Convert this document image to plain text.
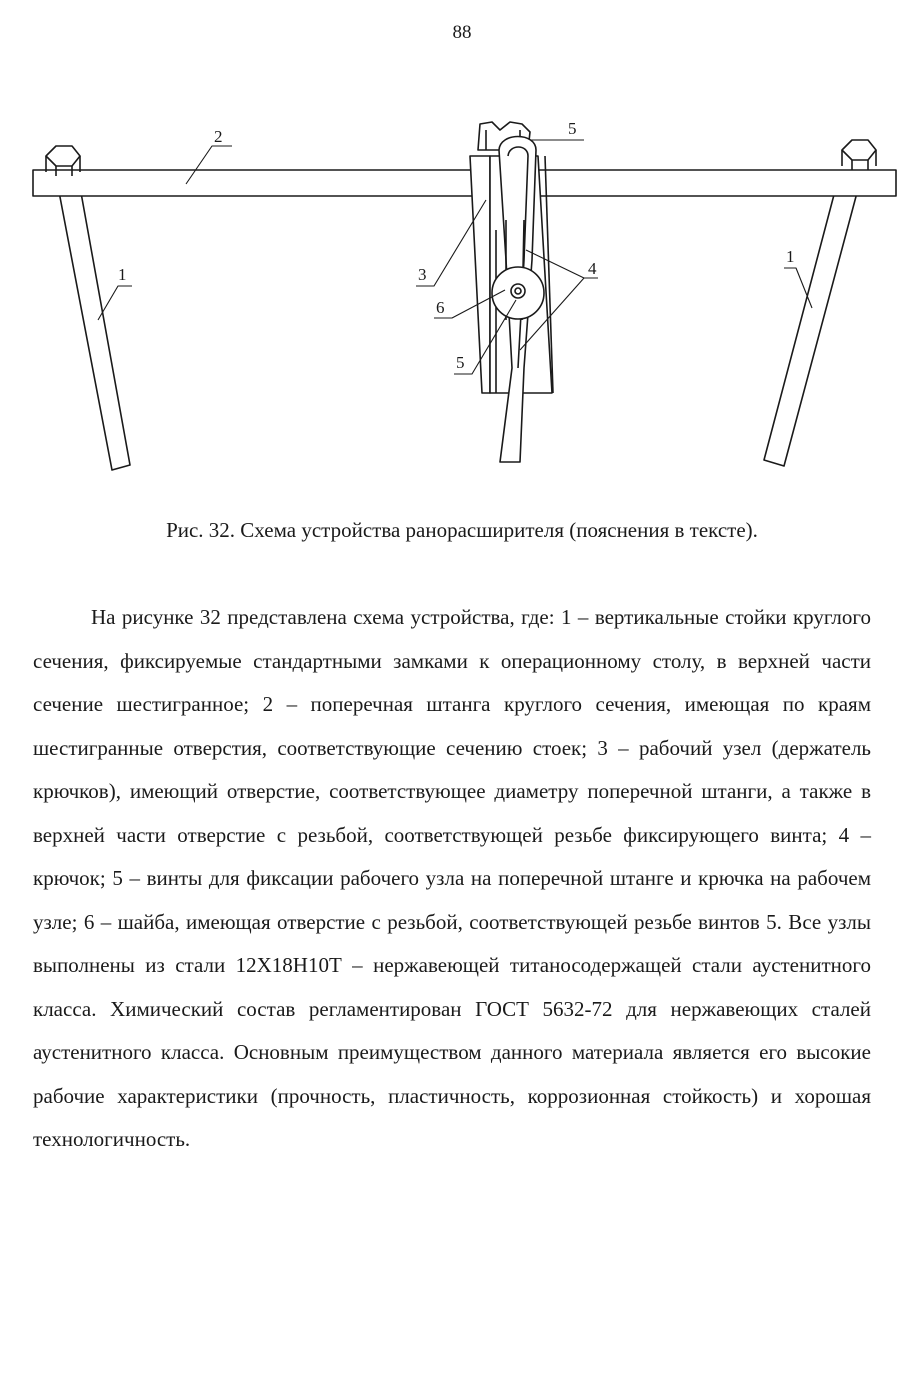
88
2
1
1
3	4
5
5
6
Рис. 32. Схема устройства ранорасширителя (пояснения в тексте).

На рисунке 32 представлена схема устройства, где: 1 – вертикальные стойки круглого сечения, фиксируемые стандартными замками к операционному столу, в верхней части сечение шестигранное; 2 – поперечная штанга круглого сечения, имеющая по краям шестигранные отверстия, соответствующие сечению стоек; 3 – рабочий узел (держатель крючков), имеющий отверстие, соответствующее диаметру поперечной штанги, а также в верхней части отверстие с резьбой, соответствующей резьбе фиксирующего винта; 4 – крючок; 5 – винты для фиксации рабочего узла на поперечной штанге и крючка на рабочем узле; 6 – шайба, имеющая отверстие с резьбой, соответствующей резьбе винтов 5. Все узлы выполнены из стали 12Х18Н10Т – нержавеющей титаносодержащей стали аустенитного класса. Химический состав регламентирован ГОСТ 5632-72 для нержавеющих сталей аустенитного класса. Основным преимуществом данного материала является его высокие рабочие характеристики (прочность, пластичность, коррозионная стойкость) и хорошая технологичность.
